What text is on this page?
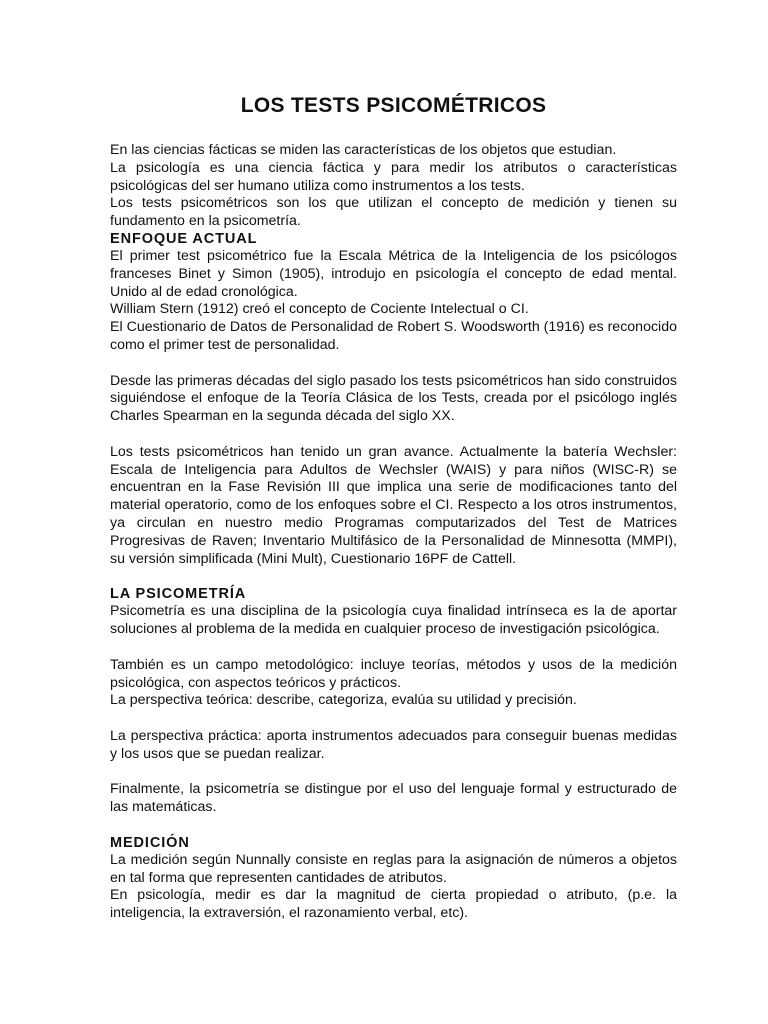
LOS TESTS PSICOMÉTRICOS

En las ciencias fácticas se miden las características de los objetos que estudian.

La psicología es una ciencia fáctica y para medir los atributos o características psicológicas del ser humano utiliza como instrumentos a los tests.

Los tests psicométricos son los que utilizan el concepto de medición y tienen su fundamento en la psicometría.

ENFOQUE ACTUAL

El primer test psicométrico fue la Escala Métrica de la Inteligencia de los psicólogos franceses Binet y Simon (1905), introdujo en psicología el concepto de edad mental. Unido al de edad cronológica.

William Stern (1912) creó el concepto de Cociente Intelectual o CI.

El Cuestionario de Datos de Personalidad de Robert S. Woodsworth (1916) es reconocido como el primer test de personalidad.

Desde las primeras décadas del siglo pasado los tests psicométricos han sido construidos siguiéndose el enfoque de la Teoría Clásica de los Tests, creada por el psicólogo inglés Charles Spearman en la segunda década del siglo XX.

Los tests psicométricos han tenido un gran avance. Actualmente la batería Wechsler: Escala de Inteligencia para Adultos de Wechsler (WAIS) y para niños (WISC-R) se encuentran en la Fase Revisión III que implica una serie de modificaciones tanto del material operatorio, como de los enfoques sobre el CI. Respecto a los otros instrumentos, ya circulan en nuestro medio Programas computarizados del Test de Matrices Progresivas de Raven; Inventario Multifásico de la Personalidad de Minnesotta (MMPI), su versión simplificada (Mini Mult), Cuestionario 16PF de Cattell.

LA PSICOMETRÍA

Psicometría es una disciplina de la psicología cuya finalidad intrínseca es la de aportar soluciones al problema de la medida en cualquier proceso de investigación psicológica.

También es un campo metodológico: incluye teorías, métodos y usos de la medición psicológica, con aspectos teóricos y prácticos.

La perspectiva teórica: describe, categoriza, evalúa su utilidad y precisión.

La perspectiva práctica: aporta instrumentos adecuados para conseguir buenas medidas y los usos que se puedan realizar.

Finalmente, la psicometría se distingue por el uso del lenguaje formal y estructurado de las matemáticas.

MEDICIÓN

La medición según Nunnally consiste en reglas para la asignación de números a objetos en tal forma que representen cantidades de atributos.

En psicología, medir es dar la magnitud de cierta propiedad o atributo, (p.e. la inteligencia, la extraversión, el razonamiento verbal, etc).
